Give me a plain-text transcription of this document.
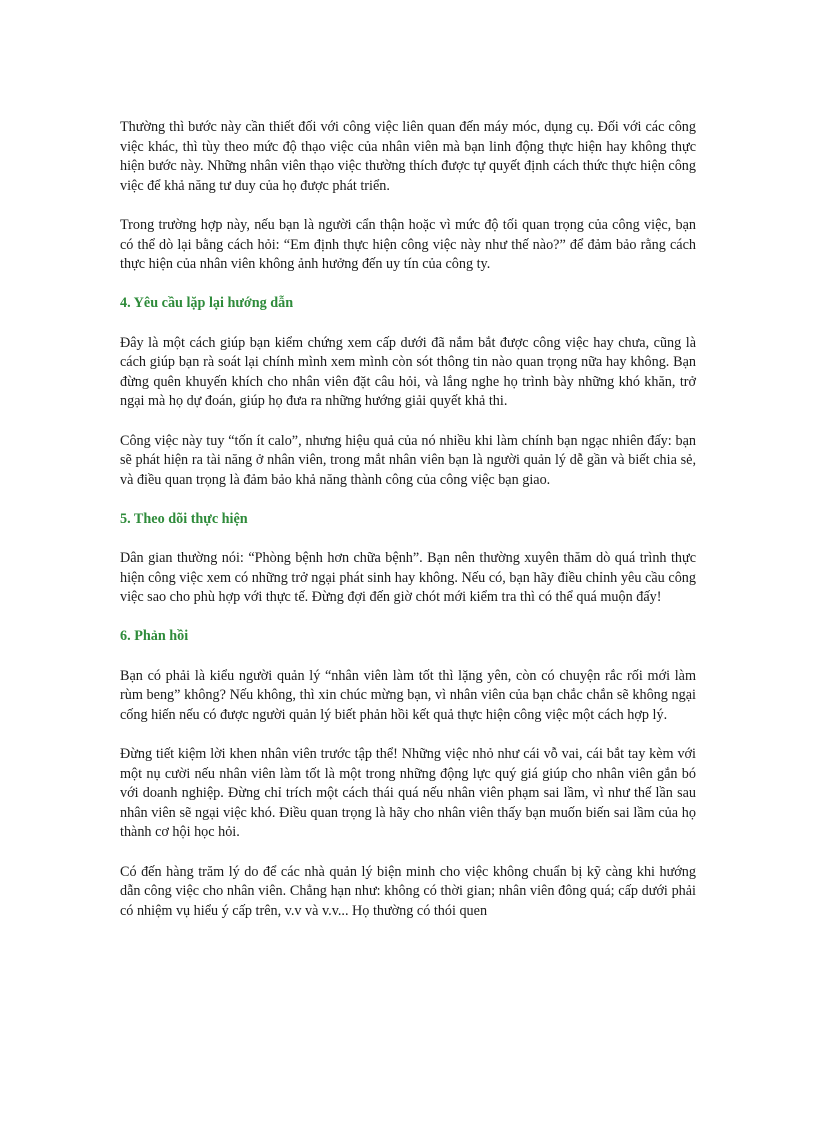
Thường thì bước này cần thiết đối với công việc liên quan đến máy móc, dụng cụ. Đối với các công việc khác, thì tùy theo mức độ thạo việc của nhân viên mà bạn linh động thực hiện hay không thực hiện bước này. Những nhân viên thạo việc thường thích được tự quyết định cách thức thực hiện công việc để khả năng tư duy của họ được phát triển.

Trong trường hợp này, nếu bạn là người cẩn thận hoặc vì mức độ tối quan trọng của công việc, bạn có thể dò lại bằng cách hỏi: “Em định thực hiện công việc này như thế nào?” để đảm bảo rằng cách thực hiện của nhân viên không ảnh hưởng đến uy tín của công ty.

4. Yêu cầu lặp lại hướng dẫn

Đây là một cách giúp bạn kiểm chứng xem cấp dưới đã nắm bắt được công việc hay chưa, cũng là cách giúp bạn rà soát lại chính mình xem mình còn sót thông tin nào quan trọng nữa hay không. Bạn đừng quên khuyến khích cho nhân viên đặt câu hỏi, và lắng nghe họ trình bày những khó khăn, trở ngại mà họ dự đoán, giúp họ đưa ra những hướng giải quyết khả thi.

Công việc này tuy “tốn ít calo”, nhưng hiệu quả của nó nhiều khi làm chính bạn ngạc nhiên đấy: bạn sẽ phát hiện ra tài năng ở nhân viên, trong mắt nhân viên bạn là người quản lý dễ gần và biết chia sẻ, và điều quan trọng là đảm bảo khả năng thành công của công việc bạn giao.

5. Theo dõi thực hiện

Dân gian thường nói: “Phòng bệnh hơn chữa bệnh”. Bạn nên thường xuyên thăm dò quá trình thực hiện công việc xem có những trở ngại phát sinh hay không. Nếu có, bạn hãy điều chỉnh yêu cầu công việc sao cho phù hợp với thực tế. Đừng đợi đến giờ chót mới kiểm tra thì có thể quá muộn đấy!

6. Phản hồi

Bạn có phải là kiểu người quản lý “nhân viên làm tốt thì lặng yên, còn có chuyện rắc rối mới làm rùm beng” không? Nếu không, thì xin chúc mừng bạn, vì nhân viên của bạn chắc chắn sẽ không ngại cống hiến nếu có được người quản lý biết phản hồi kết quả thực hiện công việc một cách hợp lý.

Đừng tiết kiệm lời khen nhân viên trước tập thể! Những việc nhỏ như cái vỗ vai, cái bắt tay kèm với một nụ cười nếu nhân viên làm tốt là một trong những động lực quý giá giúp cho nhân viên gắn bó với doanh nghiệp. Đừng chỉ trích một cách thái quá nếu nhân viên phạm sai lầm, vì như thế lần sau nhân viên sẽ ngại việc khó. Điều quan trọng là hãy cho nhân viên thấy bạn muốn biến sai lầm của họ thành cơ hội học hỏi.

Có đến hàng trăm lý do để các nhà quản lý biện minh cho việc không chuẩn bị kỹ càng khi hướng dẫn công việc cho nhân viên. Chẳng hạn như: không có thời gian; nhân viên đông quá; cấp dưới phải có nhiệm vụ hiểu ý cấp trên, v.v và v.v... Họ thường có thói quen
